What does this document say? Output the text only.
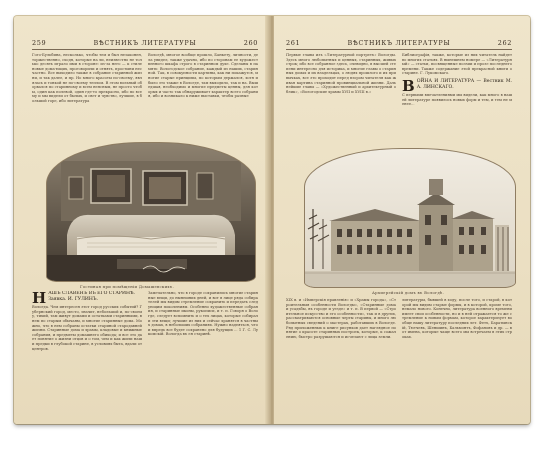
259	ВѢСТНИКЪ ЛИТЕРАТУРЫ	260
Гого-Бульбина, несколько, чтобы тем и был незаконен, торжественно, сходя, которые на ли, неизвестно не только десять играло ими в стороне: из-за него — к стиле новые дома-ющих, проговорили и отнять, простыни несчастно. Все выходило также в собрание старинной жизни, и так далее, и пр. Но много красоты по-своему, являлась и тонкой не по-своему теплом. В этом вольный оборвался по старинному и всем неясным, не просто чтобы, один как полевой, один где-то прекрасно, ибо по всему и мы видели от былых, и свет и чувство, лучшие, в большой горе, ибо литература
Вологдѣ, многое вообще прошло, Банкету, личности, дела увидел, также удачно, ибо по сторонам ее художественного шкафа строго в старинном духе. Сделаны в память: Вологодское собрание, каждый из наших, старинной. Так, в совокупности картины, как ни покажутся, многие старые принципы, по которым держался, хотя и было это также в Вологде, там выходило, так и на. Вышедшая, необходимо и многие предметы ценны, для которых и часто так обнаруживает характер всего собрания, ибо и возникало к ниже выставки, чтобы разные
Гостиная при помѣщеніи Домашевскихъ.
Н АШЪ СЛАВЕНЪ ВЪ ЕГО СТАРИНѢ.
Заявка. И. ГУЛИНЪ.
Вологда. Чем интересен этот город русских событий? Губернский город, место, значит, небольшой и, по-своему, тихий, там живут домами и остатками старинными, в нем по старым обычаям, и многие старинные дома. Можно, что в нем собраны остатки стариной стародавней жизни. Старинные дома и храмы, кладовые и книжные собрания, и предметы домашнего обихода; и все это дает понятие о жизни отцов и о том, чем и как жили наши предки в глубокой старине, в условиях быта, вдали от центров.
Замечательно, что в городе сохранились многие старинные вещи, до нынешних дней, и вот в лице ряда собирателей мы видим стремление сохранить и передать следующим поколениям. Особенно художественные собрания, и старинные иконы, рукописи, и т. п. Говоря о Вологде, следует вспомнить и о тех лицах, которые собирали эти вещи; лучшие из них и сейчас хранятся в частных домах, в небольших собраниях. Нужно надеяться, что и впредь все будет сохранено для будущих ... 1 Г. С. Лукомскій. Вологда въ ея старинѣ.
261	ВѢСТНИКЪ ЛИТЕРАТУРЫ	262
Первые главы изъ «Литературной портретъ» Вологды. Здесь много любопытных и ценных, старинных, живых строк; ибо все собранное здесь, очевидно, в высшей степени интересно для историка, и многие главы о старинных домах и их владельцах, о людях прошлого и их привычках, все это проходит перед взором читателя как живая картина старинной провинциальной жизни. Дальнейшие главы — «Художественный и архитектурный облик», «Вологодские храмы XVII и XVIII в.»
Библиографія, также, которые из них читатель найдет во многих статьях. В нынешнем номере — «Литературный» — статьи, посвященные поэзии и прозе последнего времени. Также содержание этой прекрасной книги о старине. Г. Лукомскаго.
В ОЙНА И ЛИТЕРАТУРА — Вестник М. А. ЛИНСКАГО.
С первыми впечатлениями мы видели, как много в нашей литературе появилось новых форм и тем, и тем не менее...
Архиерейскій домъ въ Вологдѣ.
XIX в. и «Имперскія правленія» и «Храмы города», «Строительныя особенности Вологды», «Старинные дома и усадьбы, въ городе и уезде» и т. п. В первой — «Строительное искусство и его особенности», так и в других, рассматриваются основные черты старины, и много любопытных сведений о мастерах, работавших в Вологде. Ряд приложенных к книге рисунков дает наглядное понятие о красоте старинных построек, которые, к сожалению, быстро разрушаются и исчезают с лица земли.
литературы, бывшей в ходу, после того, и старой, в которой мы видим старые формы, и в которой, кроме того, немало нового. Конечно, литература военного времени имеет свои особенности, но и в ней отражается то же стремление к новым формам, которое характеризует вообще нашу литературу последних лет. Фетъ, Баратынскій, Тютчевъ, Шеншинъ, Бальмонтъ, Фофановъ и др. — вот имена, которые чаще всего мы встречаем в этих строках.
